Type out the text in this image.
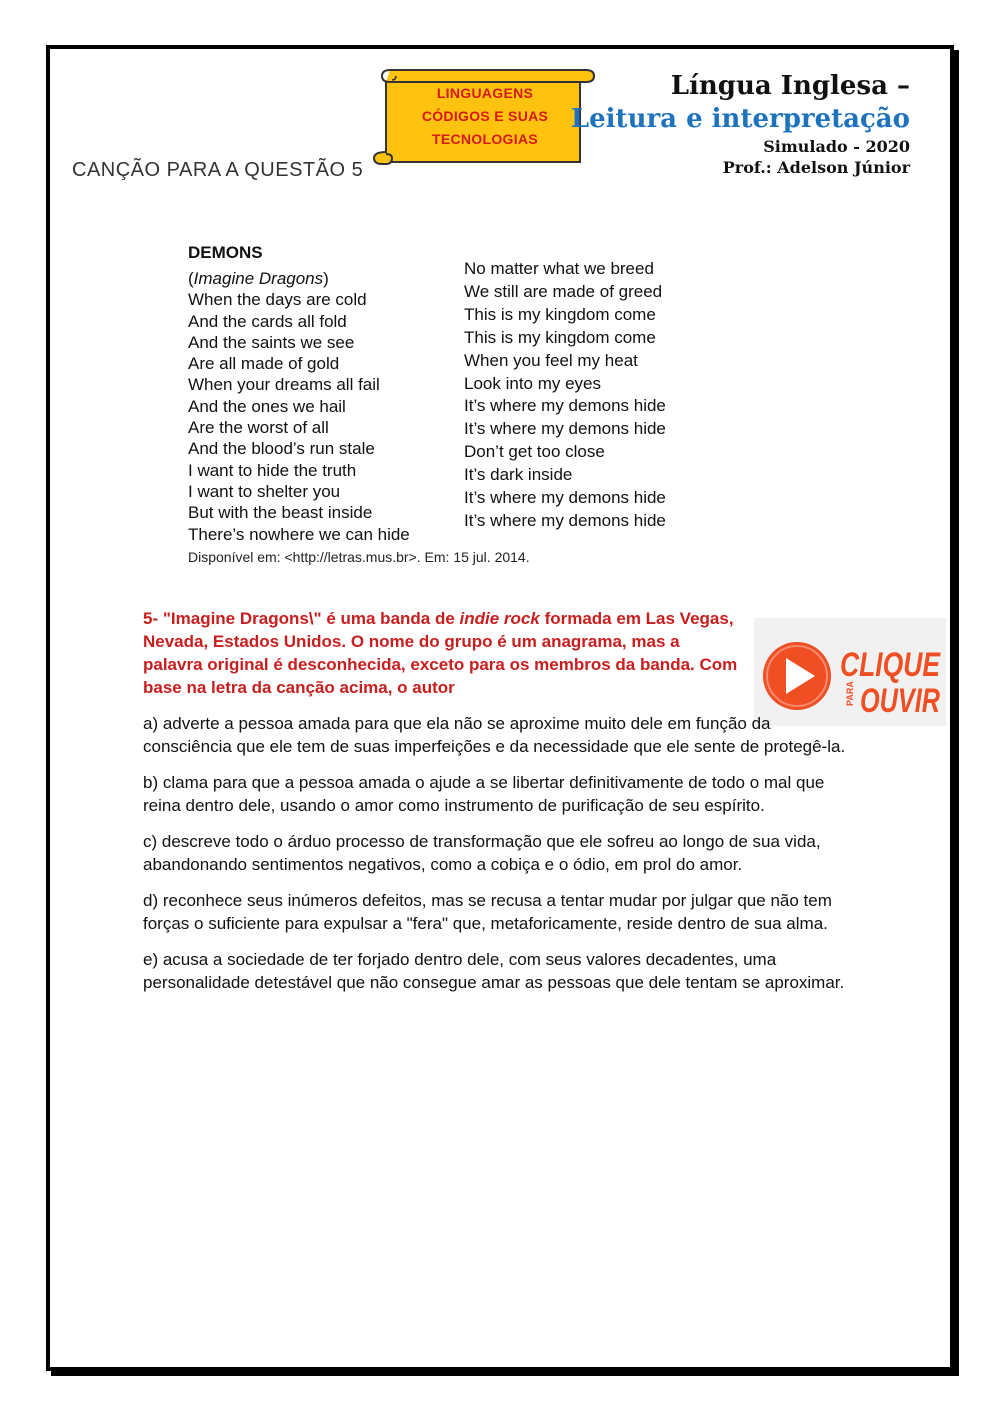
LINGUAGENS
CÓDIGOS E SUAS
TECNOLOGIAS
Língua Inglesa –
Leitura e interpretação
Simulado - 2020
Prof.: Adelson Júnior
CANÇÃO PARA A QUESTÃO 5
DEMONS
(Imagine Dragons)
When the days are cold
And the cards all fold
And the saints we see
Are all made of gold
When your dreams all fail
And the ones we hail
Are the worst of all
And the blood’s run stale
I want to hide the truth
I want to shelter you
But with the beast inside
There’s nowhere we can hide
No matter what we breed
We still are made of greed
This is my kingdom come
This is my kingdom come
When you feel my heat
Look into my eyes
It’s where my demons hide
It’s where my demons hide
Don’t get too close
It’s dark inside
It’s where my demons hide
It’s where my demons hide
Disponível em: <http://letras.mus.br>. Em: 15 jul. 2014.
5- "Imagine Dragons\" é uma banda de indie rock formada em Las Vegas, Nevada, Estados Unidos. O nome do grupo é um anagrama, mas a palavra original é desconhecida, exceto para os membros da banda. Com base na letra da canção acima, o autor
CLIQUE
PARA OUVIR
a) adverte a pessoa amada para que ela não se aproxime muito dele em função da consciência que ele tem de suas imperfeições e da necessidade que ele sente de protegê-la.
b) clama para que a pessoa amada o ajude a se libertar definitivamente de todo o mal que reina dentro dele, usando o amor como instrumento de purificação de seu espírito.
c) descreve todo o árduo processo de transformação que ele sofreu ao longo de sua vida, abandonando sentimentos negativos, como a cobiça e o ódio, em prol do amor.
d) reconhece seus inúmeros defeitos, mas se recusa a tentar mudar por julgar que não tem forças o suficiente para expulsar a "fera" que, metaforicamente, reside dentro de sua alma.
e) acusa a sociedade de ter forjado dentro dele, com seus valores decadentes, uma personalidade detestável que não consegue amar as pessoas que dele tentam se aproximar.
